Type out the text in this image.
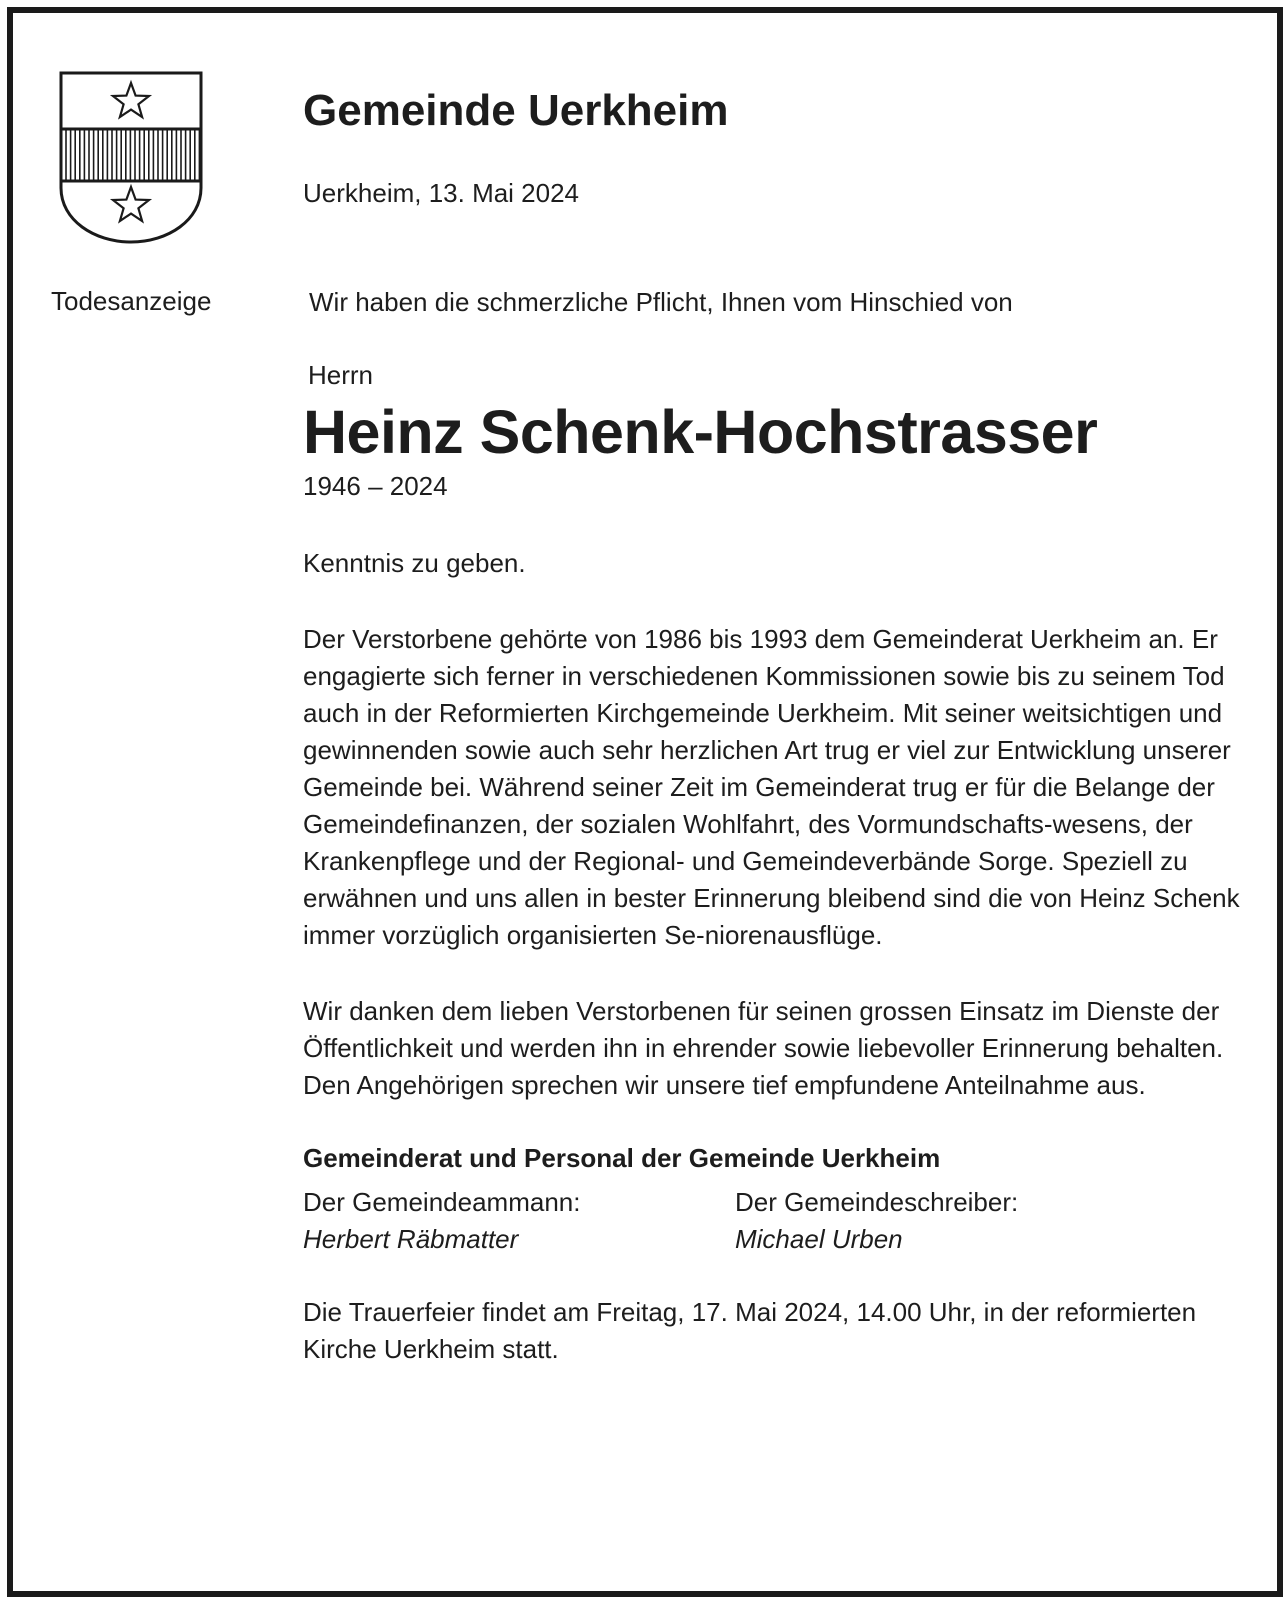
Todesanzeige
Gemeinde Uerkheim
Uerkheim, 13. Mai 2024
Wir haben die schmerzliche Pflicht, Ihnen vom Hinschied von
Herrn
Heinz Schenk-Hochstrasser
1946 – 2024

Kenntnis zu geben.

Der Verstorbene gehörte von 1986 bis 1993 dem Gemeinderat Uerkheim an. Er engagierte sich ferner in verschiedenen Kommissionen sowie bis zu seinem Tod auch in der Reformierten Kirchgemeinde Uerkheim. Mit seiner weitsichtigen und gewinnenden sowie auch sehr herzlichen Art trug er viel zur Entwicklung unserer Gemeinde bei. Während seiner Zeit im Gemeinderat trug er für die Belange der Gemeindefinanzen, der sozialen Wohlfahrt, des Vormundschafts-wesens, der Krankenpflege und der Regional- und Gemeindeverbände Sorge. Speziell zu erwähnen und uns allen in bester Erinnerung bleibend sind die von Heinz Schenk immer vorzüglich organisierten Se-niorenausflüge.

Wir danken dem lieben Verstorbenen für seinen grossen Einsatz im Dienste der Öffentlichkeit und werden ihn in ehrender sowie liebevoller Erinnerung behalten. Den Angehörigen sprechen wir unsere tief empfundene Anteilnahme aus.

Gemeinderat und Personal der Gemeinde Uerkheim
Der Gemeindeammann:	Der Gemeindeschreiber:
Herbert Räbmatter	Michael Urben

Die Trauerfeier findet am Freitag, 17. Mai 2024, 14.00 Uhr, in der reformierten Kirche Uerkheim statt.
